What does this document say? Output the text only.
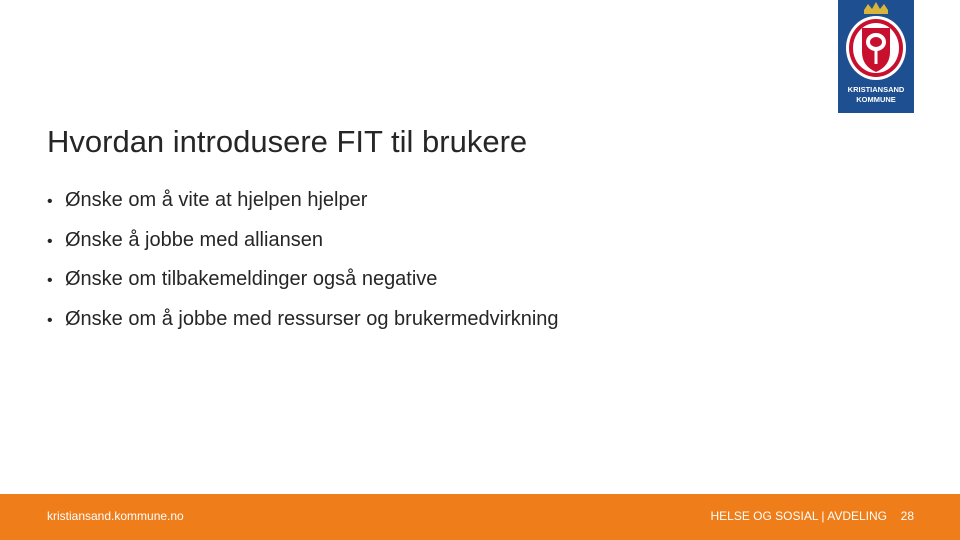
KRISTIANSAND
KOMMUNE
Hvordan introdusere FIT til brukere
• Ønske om å vite at hjelpen hjelper
• Ønske å jobbe med alliansen
• Ønske om tilbakemeldinger også negative
• Ønske om å jobbe med ressurser og brukermedvirkning
kristiansand.kommune.no	HELSE OG SOSIAL | AVDELING 28
